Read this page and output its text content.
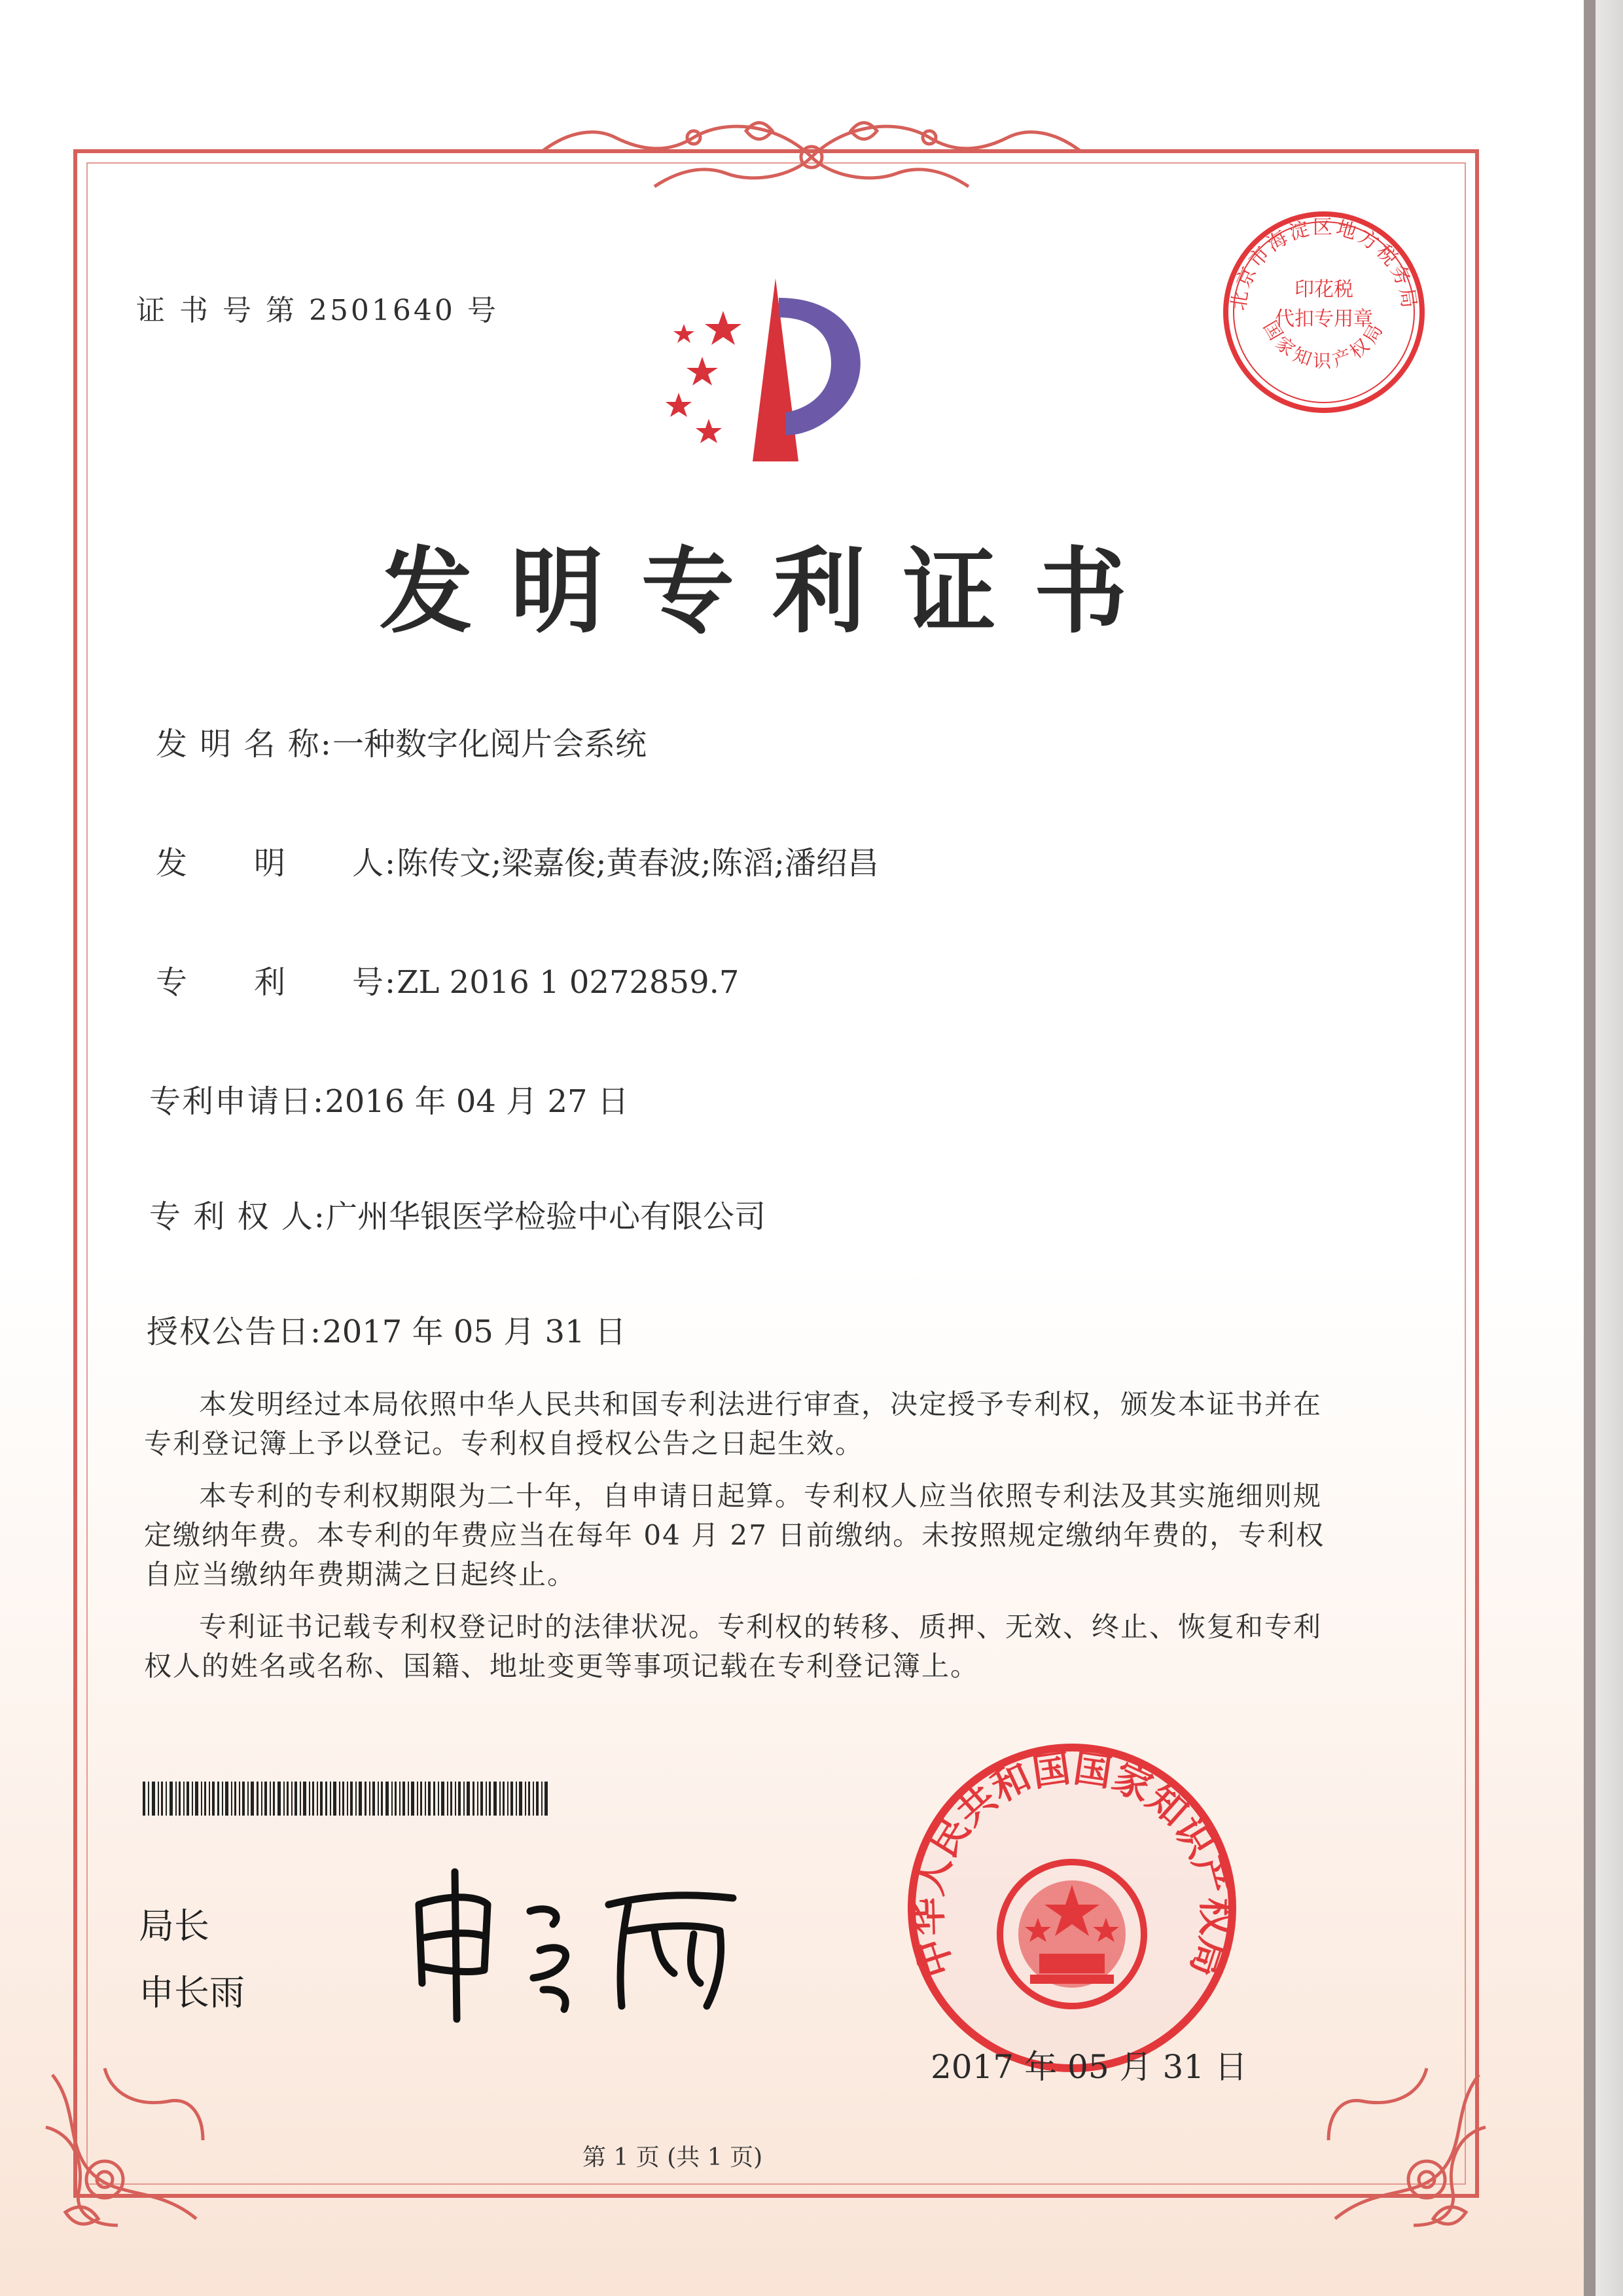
证 书 号 第 2501640 号	北京市海淀区地方税务局
印花税
代扣专用章
国家知识产权局
发明专利证书
发 明 名 称:一种数字化阅片会系统
发　　明　　人:陈传文;梁嘉俊;黄春波;陈滔;潘绍昌
专　　利　　号:ZL 2016 1 0272859.7
专利申请日:2016 年 04 月 27 日
专 利 权 人:广州华银医学检验中心有限公司
授权公告日:2017 年 05 月 31 日
本发明经过本局依照中华人民共和国专利法进行审查，决定授予专利权，颁发本证书并在专利登记簿上予以登记。专利权自授权公告之日起生效。
本专利的专利权期限为二十年，自申请日起算。专利权人应当依照专利法及其实施细则规定缴纳年费。本专利的年费应当在每年 04 月 27 日前缴纳。未按照规定缴纳年费的，专利权自应当缴纳年费期满之日起终止。
专利证书记载专利权登记时的法律状况。专利权的转移、质押、无效、终止、恢复和专利权人的姓名或名称、国籍、地址变更等事项记载在专利登记簿上。
局长
申长雨
中华人民共和国国家知识产权局
2017 年 05 月 31 日
第 1 页 (共 1 页)
